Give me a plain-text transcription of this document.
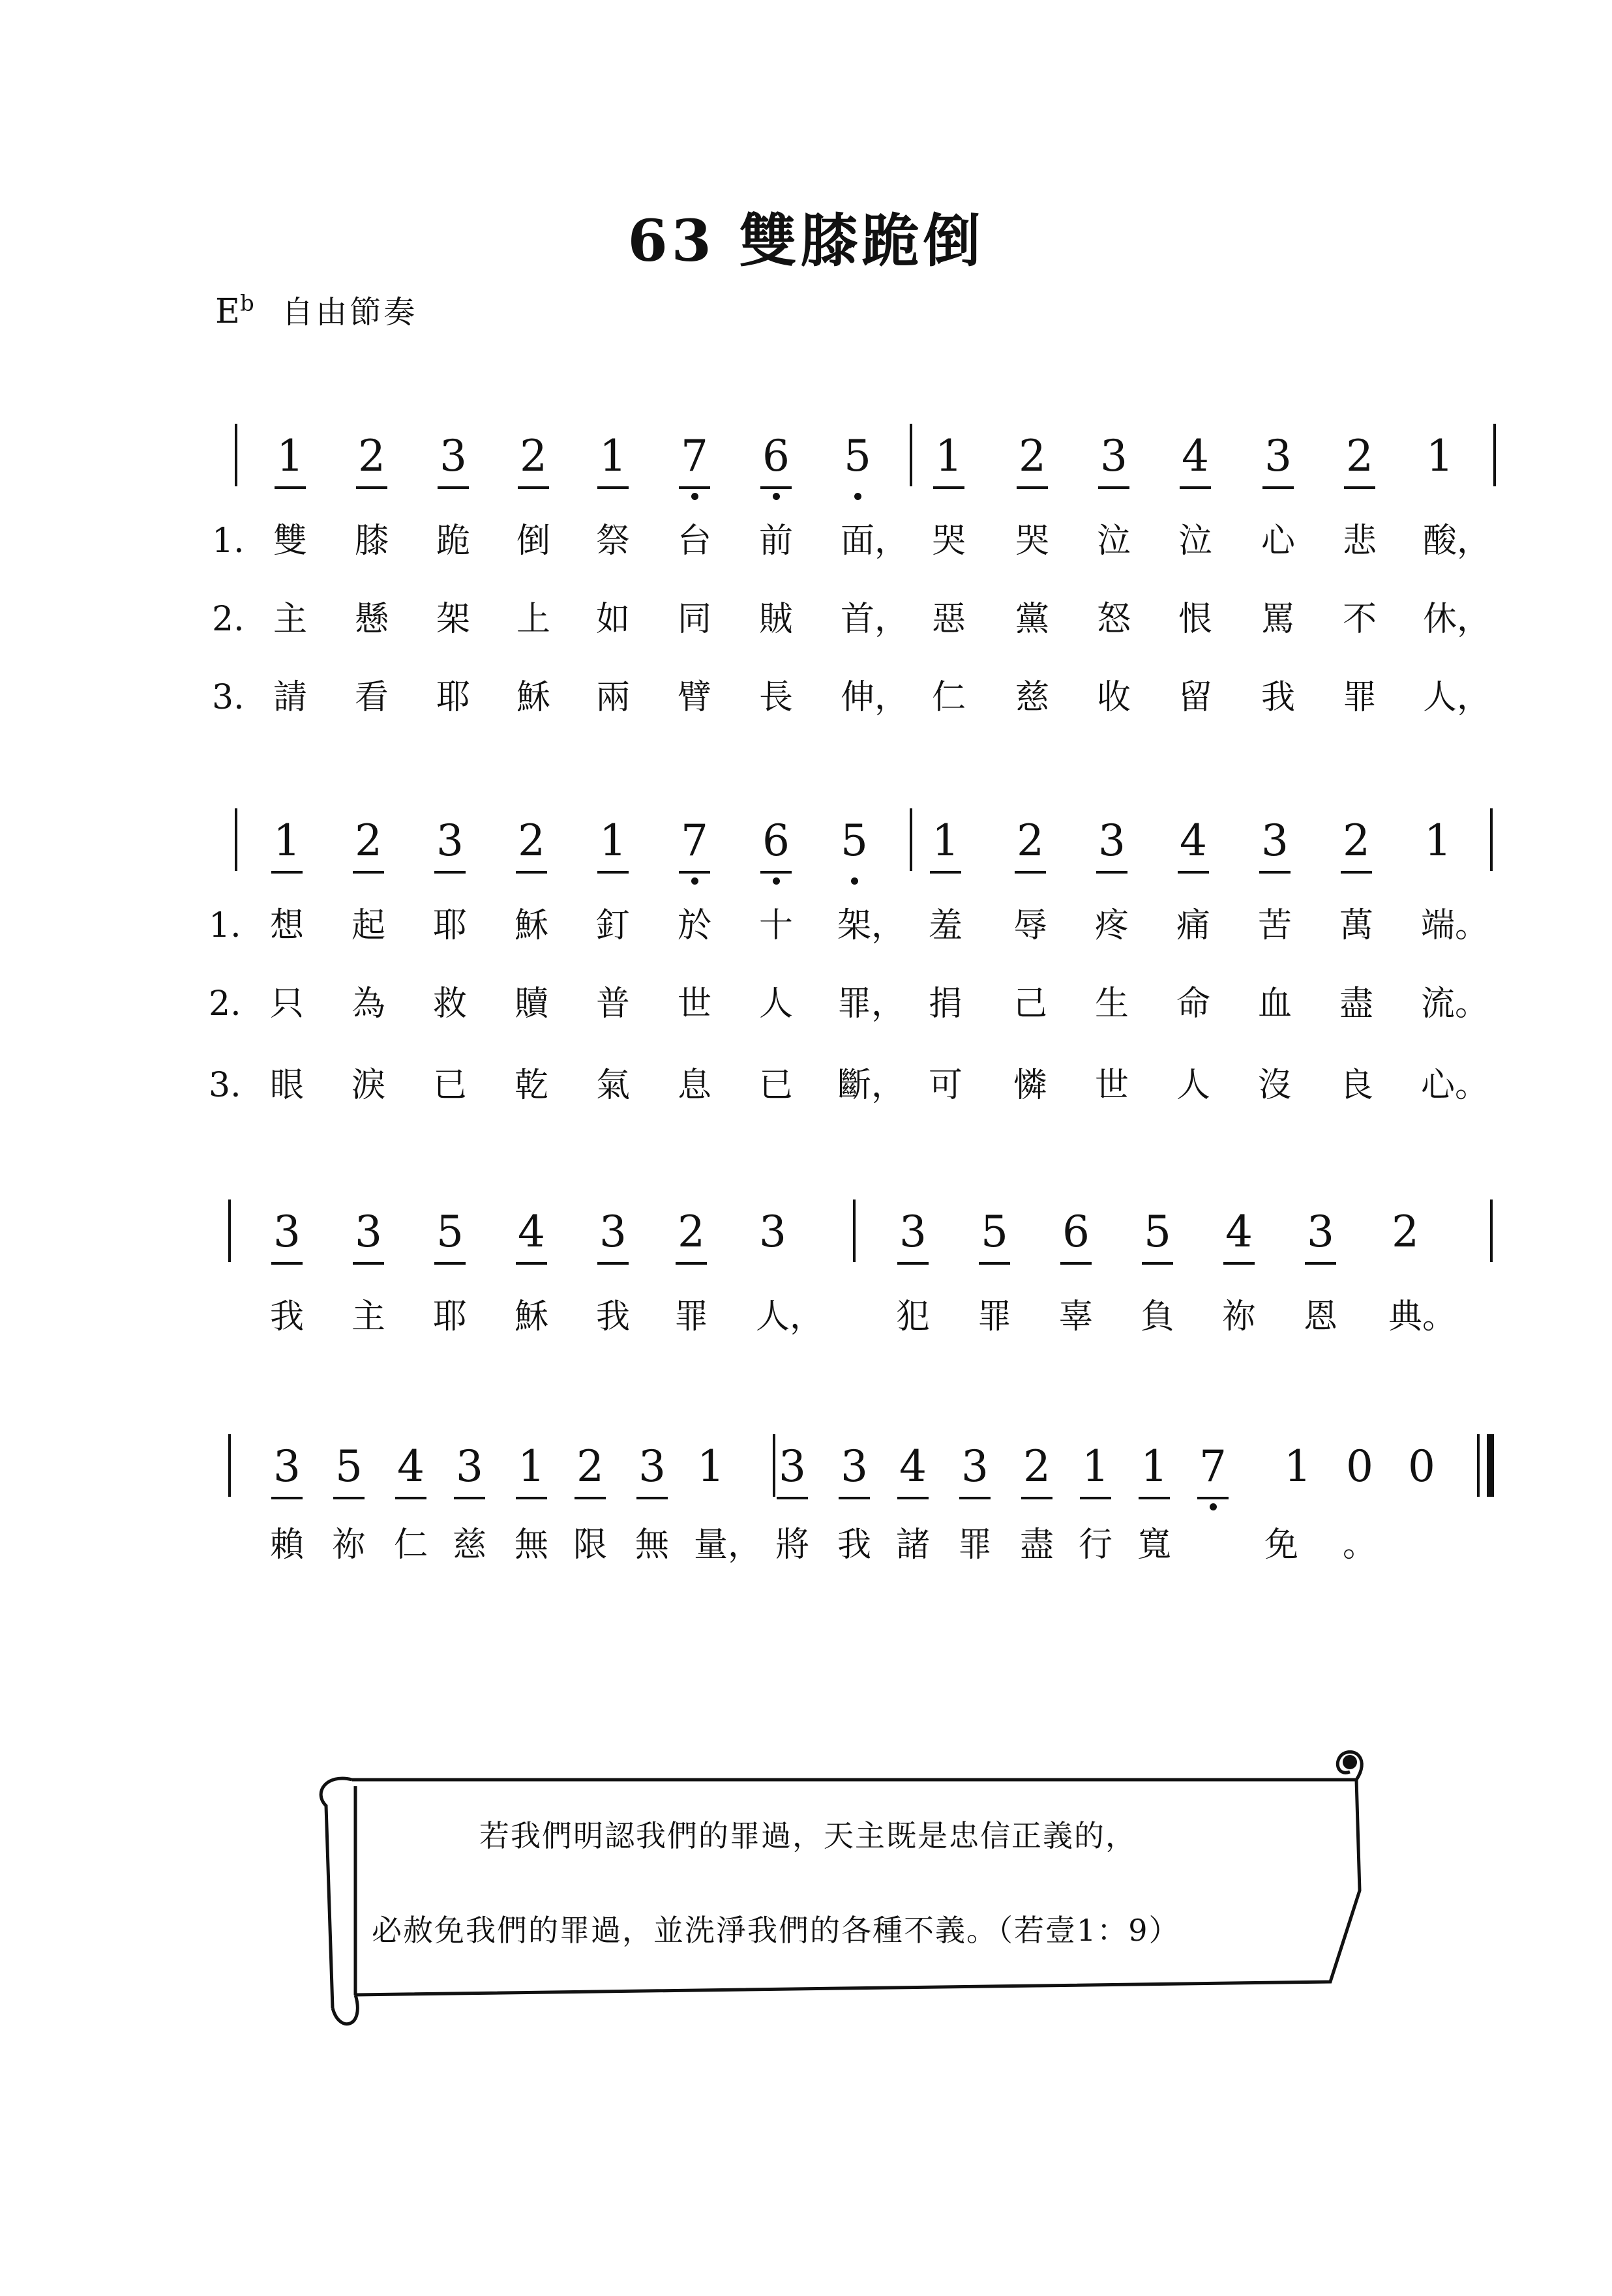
63 雙膝跪倒
$E^b$ 自由節奏
1 2 3 2 1 7 6 5 1 2 3 4 3 2 1
1. 雙	膝	跪	倒	祭	台	前	面， 哭	哭	泣	泣	心	悲	酸，
2. 主	懸	架	上	如	同	賊	首， 惡	黨	怒	恨	罵	不	休，
3. 請	看	耶	穌	兩	臂	長	伸， 仁	慈	收	留	我	罪	人，
1 2 3 2 1 7 6 5 1 2 3 4 3 2 1
1. 想	起	耶	穌	釘	於	十	架， 羞	辱	疼	痛	苦	萬	端。
2. 只	為	救	贖	普	世	人	罪， 捐	己	生	命	血	盡	流。
3. 眼	淚	已	乾	氣	息	已	斷， 可	憐	世	人	沒	良	心。
3 3 5 4 3 2 3	3 5 6 5 4 3 2
我	主	耶	穌	我	罪	人，	犯	罪	辜	負	祢	恩	典。
3 5 4 3 1 2 3 1 3 3 4 3 2 1 1 7 1 0 0
賴 祢 仁 慈 無 限 無 量， 將 我 諸 罪 盡 行 寬	免	。
若我們明認我們的罪過，天主既是忠信正義的，
必赦免我們的罪過，並洗淨我們的各種不義。（若壹1：9）
